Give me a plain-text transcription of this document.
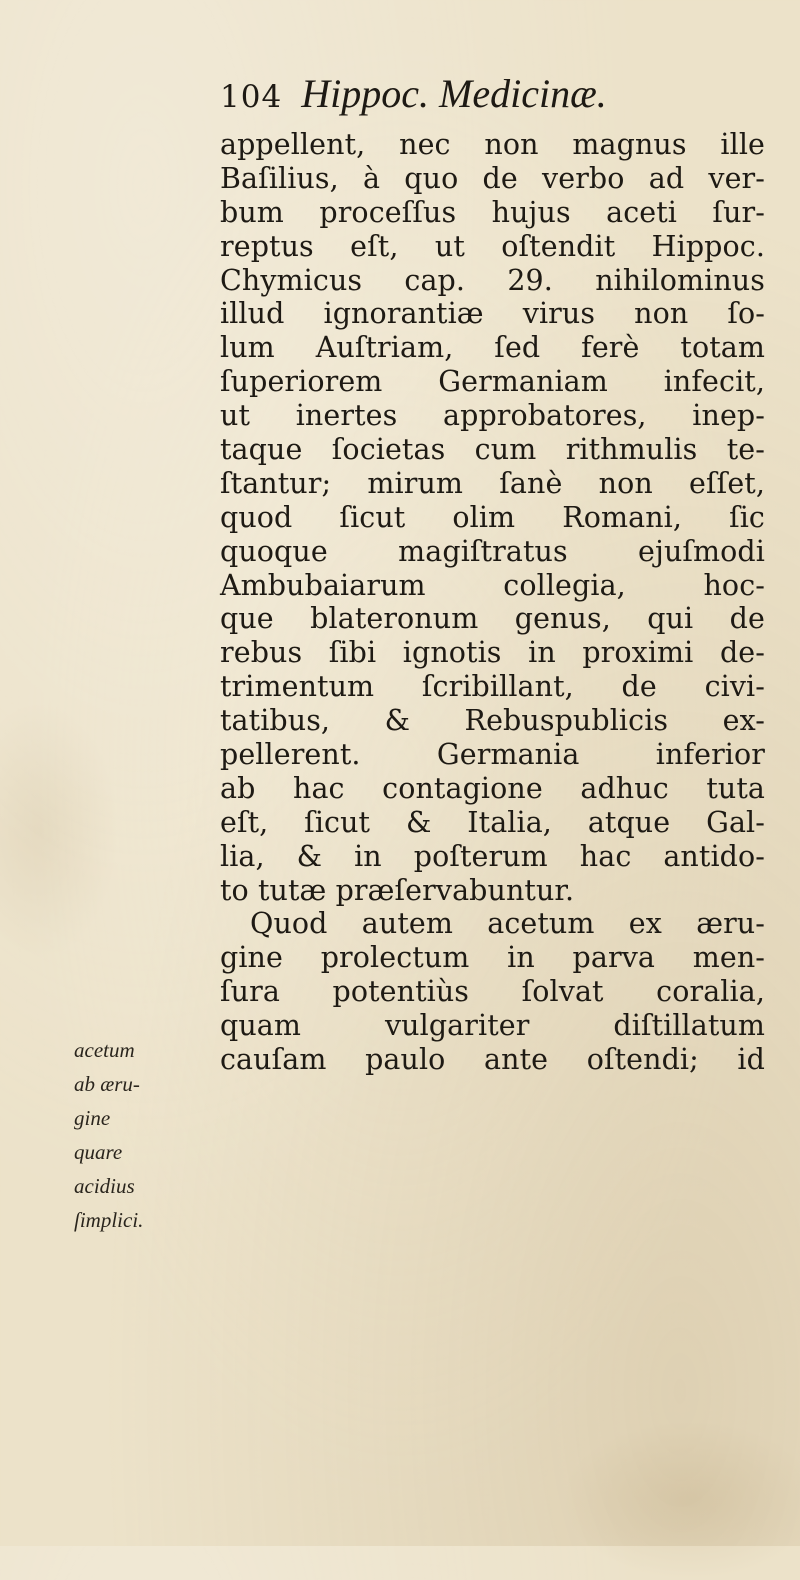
104 Hippoc. Medicinæ.
appellent, nec non magnus ille
Baſilius, à quo de verbo ad ver-
bum proceſſus hujus aceti ſur-
reptus eſt, ut oſtendit Hippoc.
Chymicus cap. 29. nihilominus
illud ignorantiæ virus non ſo-
lum Auſtriam, ſed ferè totam
ſuperiorem Germaniam infecit,
ut inertes approbatores, inep-
taque ſocietas cum rithmulis te-
ſtantur; mirum ſanè non eſſet,
quod ſicut olim Romani, ſic
quoque magiſtratus ejuſmodi
Ambubaiarum collegia, hoc-
que blateronum genus, qui de
rebus ſibi ignotis in proximi de-
trimentum ſcribillant, de civi-
tatibus, & Rebuspublicis ex-
pellerent. Germania inferior
ab hac contagione adhuc tuta
eſt, ſicut & Italia, atque Gal-
lia, & in poſterum hac antido-
to tutæ præſervabuntur.
Quod autem acetum ex æru-
gine prolectum in parva men-
ſura potentiùs ſolvat coralia,
quam vulgariter diſtillatum
cauſam paulo ante oſtendi; id
acetum
ab æru-
gine
quare
acidius
ſimplici.
